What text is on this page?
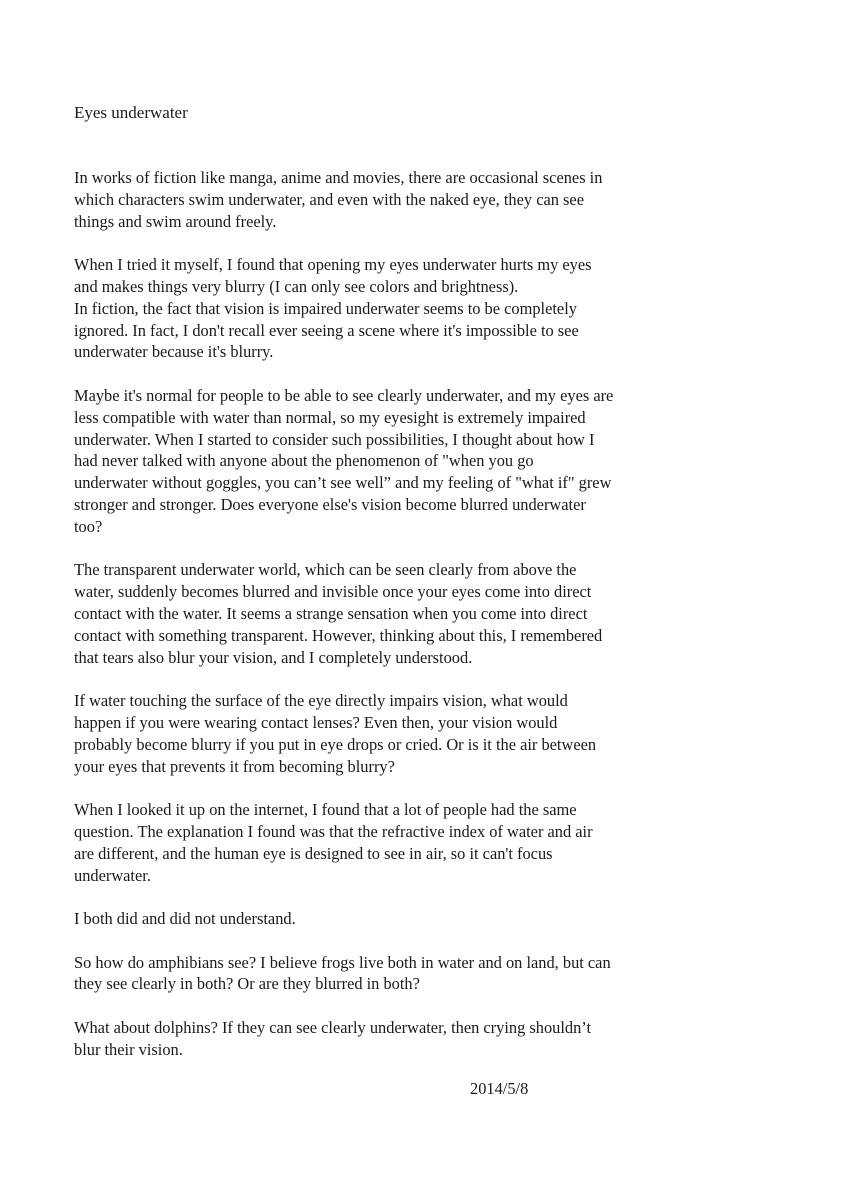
Eyes underwater

In works of fiction like manga, anime and movies, there are occasional scenes in
which characters swim underwater, and even with the naked eye, they can see
things and swim around freely.

When I tried it myself, I found that opening my eyes underwater hurts my eyes
and makes things very blurry (I can only see colors and brightness).
In fiction, the fact that vision is impaired underwater seems to be completely
ignored. In fact, I don't recall ever seeing a scene where it's impossible to see
underwater because it's blurry.

Maybe it's normal for people to be able to see clearly underwater, and my eyes are
less compatible with water than normal, so my eyesight is extremely impaired
underwater. When I started to consider such possibilities, I thought about how I
had never talked with anyone about the phenomenon of "when you go
underwater without goggles, you can’t see well” and my feeling of "what if" grew
stronger and stronger. Does everyone else's vision become blurred underwater
too?

The transparent underwater world, which can be seen clearly from above the
water, suddenly becomes blurred and invisible once your eyes come into direct
contact with the water. It seems a strange sensation when you come into direct
contact with something transparent. However, thinking about this, I remembered
that tears also blur your vision, and I completely understood.

If water touching the surface of the eye directly impairs vision, what would
happen if you were wearing contact lenses? Even then, your vision would
probably become blurry if you put in eye drops or cried. Or is it the air between
your eyes that prevents it from becoming blurry?

When I looked it up on the internet, I found that a lot of people had the same
question. The explanation I found was that the refractive index of water and air
are different, and the human eye is designed to see in air, so it can't focus
underwater.

I both did and did not understand.

So how do amphibians see? I believe frogs live both in water and on land, but can
they see clearly in both? Or are they blurred in both?

What about dolphins? If they can see clearly underwater, then crying shouldn’t
blur their vision.

2014/5/8
